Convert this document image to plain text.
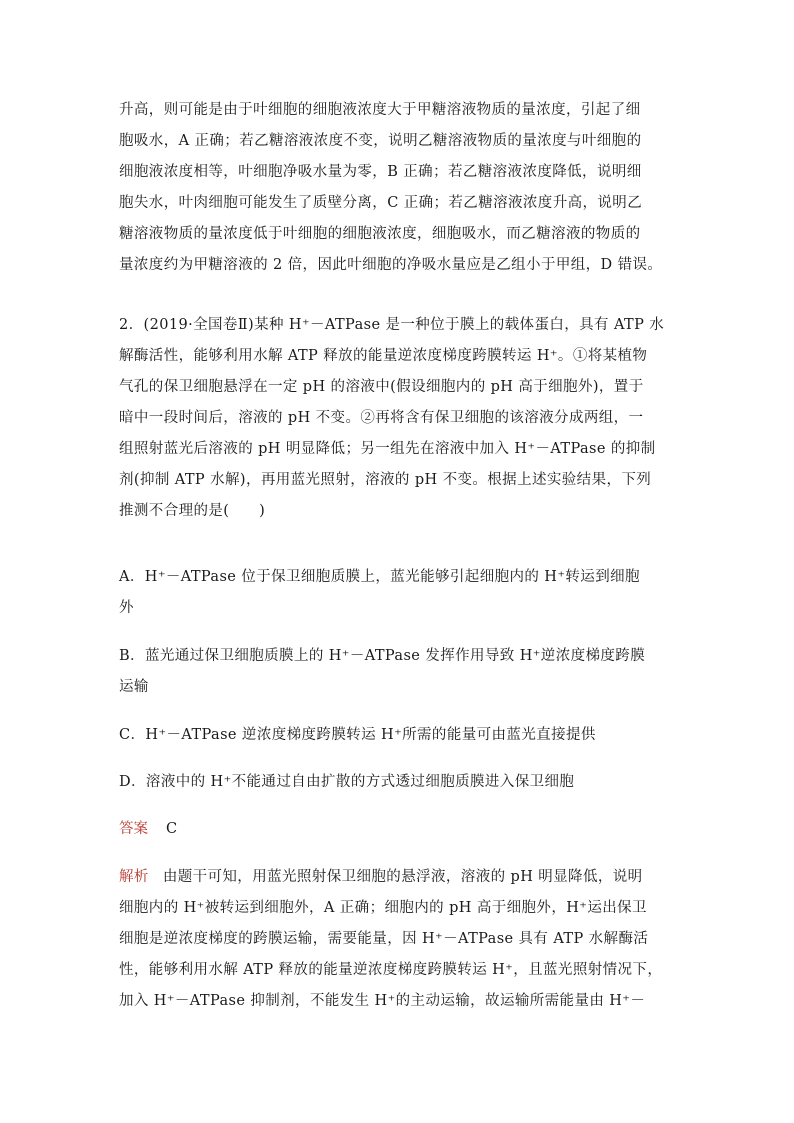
升高，则可能是由于叶细胞的细胞液浓度大于甲糖溶液物质的量浓度，引起了细
胞吸水，A 正确；若乙糖溶液浓度不变，说明乙糖溶液物质的量浓度与叶细胞的
细胞液浓度相等，叶细胞净吸水量为零，B 正确；若乙糖溶液浓度降低，说明细
胞失水，叶肉细胞可能发生了质壁分离，C 正确；若乙糖溶液浓度升高，说明乙
糖溶液物质的量浓度低于叶细胞的细胞液浓度，细胞吸水，而乙糖溶液的物质的
量浓度约为甲糖溶液的 2 倍，因此叶细胞的净吸水量应是乙组小于甲组，D 错误。
2．(2019·全国卷Ⅱ)某种 H⁺－ATPase 是一种位于膜上的载体蛋白，具有 ATP 水
解酶活性，能够利用水解 ATP 释放的能量逆浓度梯度跨膜转运 H⁺。①将某植物
气孔的保卫细胞悬浮在一定 pH 的溶液中(假设细胞内的 pH 高于细胞外)，置于
暗中一段时间后，溶液的 pH 不变。②再将含有保卫细胞的该溶液分成两组，一
组照射蓝光后溶液的 pH 明显降低；另一组先在溶液中加入 H⁺－ATPase 的抑制
剂(抑制 ATP 水解)，再用蓝光照射，溶液的 pH 不变。根据上述实验结果，下列
推测不合理的是(　　)
A．H⁺－ATPase 位于保卫细胞质膜上，蓝光能够引起细胞内的 H⁺转运到细胞
外
B．蓝光通过保卫细胞质膜上的 H⁺－ATPase 发挥作用导致 H⁺逆浓度梯度跨膜
运输
C．H⁺－ATPase 逆浓度梯度跨膜转运 H⁺所需的能量可由蓝光直接提供
D．溶液中的 H⁺不能通过自由扩散的方式透过细胞质膜进入保卫细胞
答案 C
解析 由题干可知，用蓝光照射保卫细胞的悬浮液，溶液的 pH 明显降低，说明
细胞内的 H⁺被转运到细胞外，A 正确；细胞内的 pH 高于细胞外，H⁺运出保卫
细胞是逆浓度梯度的跨膜运输，需要能量，因 H⁺－ATPase 具有 ATP 水解酶活
性，能够利用水解 ATP 释放的能量逆浓度梯度跨膜转运 H⁺，且蓝光照射情况下，
加入 H⁺－ATPase 抑制剂，不能发生 H⁺的主动运输，故运输所需能量由 H⁺－
